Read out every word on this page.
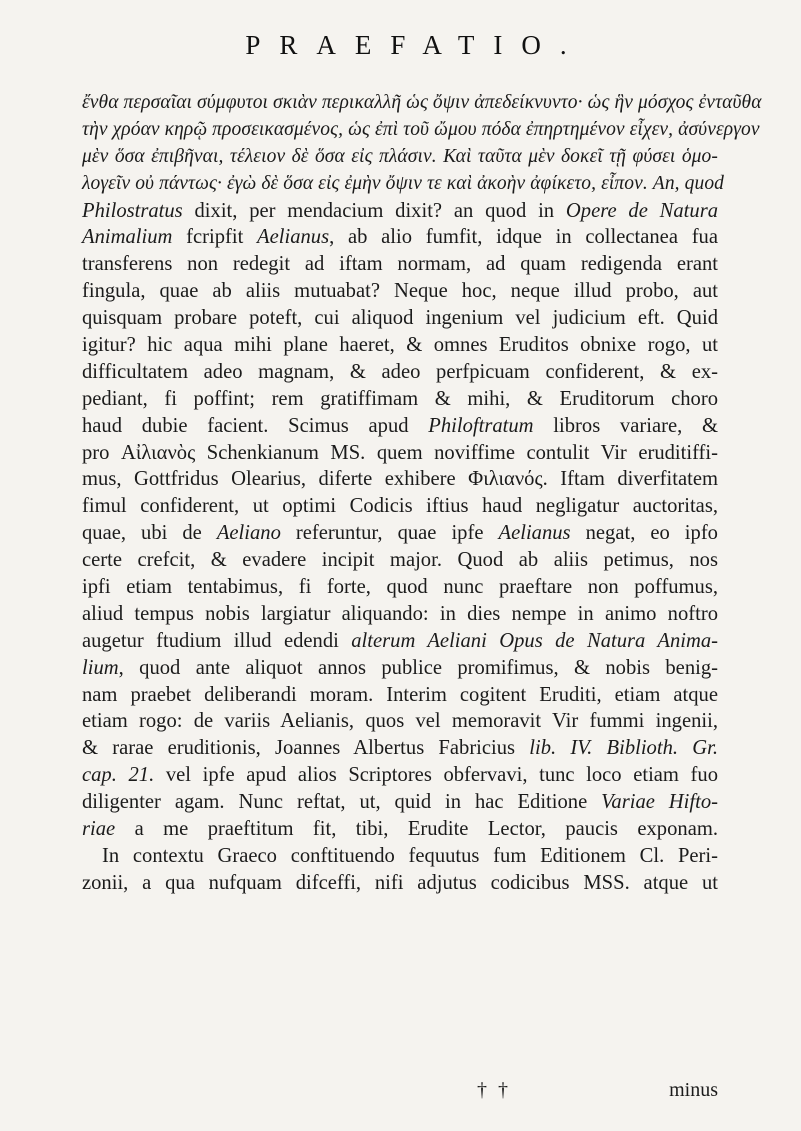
PRAEFATIO.
ἔνθα περσαῖαι σύμφυτοι σκιὰν περικαλλῆ ὡς ὄψιν ἀπεδείκνυντο· ὡς ἣν μόσχος ἐνταῦθα
τὴν χρόαν κηρῷ προσεικασμένος, ὡς ἐπὶ τοῦ ὤμου πόδα ἐπηρτημένον εἶχεν, ἀσύνεργον
μὲν ὅσα ἐπιβῆναι, τέλειον δὲ ὅσα εἰς πλάσιν. Καὶ ταῦτα μὲν δοκεῖ τῇ φύσει ὁμο-
λογεῖν οὐ πάντως· ἐγὼ δὲ ὅσα εἰς ἐμὴν ὄψιν τε καὶ ἀκοὴν ἀφίκετο, εἶπον. An, quod
Philostratus dixit, per mendacium dixit? an quod in Opere de Natura
Animalium fcripfit Aelianus, ab alio fumfit, idque in collectanea fua
transferens non redegit ad iftam normam, ad quam redigenda erant
fingula, quae ab aliis mutuabat? Neque hoc, neque illud probo, aut
quisquam probare poteft, cui aliquod ingenium vel judicium eft. Quid
igitur? hic aqua mihi plane haeret, & omnes Eruditos obnixe rogo, ut
difficultatem adeo magnam, & adeo perfpicuam confiderent, & ex-
pediant, fi poffint; rem gratiffimam & mihi, & Eruditorum choro
haud dubie facient. Scimus apud Philoftratum libros variare, &
pro Αἰλιανὸς Schenkianum MS. quem noviffime contulit Vir eruditiffi-
mus, Gottfridus Olearius, diferte exhibere Φιλιανός. Iftam diverfitatem
fimul confiderent, ut optimi Codicis iftius haud negligatur auctoritas,
quae, ubi de Aeliano referuntur, quae ipfe Aelianus negat, eo ipfo
certe crefcit, & evadere incipit major. Quod ab aliis petimus, nos
ipfi etiam tentabimus, fi forte, quod nunc praeftare non poffumus,
aliud tempus nobis largiatur aliquando: in dies nempe in animo noftro
augetur ftudium illud edendi alterum Aeliani Opus de Natura Anima-
lium, quod ante aliquot annos publice promifimus, & nobis benig-
nam praebet deliberandi moram. Interim cogitent Eruditi, etiam atque
etiam rogo: de variis Aelianis, quos vel memoravit Vir fummi ingenii,
& rarae eruditionis, Joannes Albertus Fabricius lib. IV. Biblioth. Gr.
cap. 21. vel ipfe apud alios Scriptores obfervavi, tunc loco etiam fuo
diligenter agam. Nunc reftat, ut, quid in hac Editione Variae Hifto-
riae a me praeftitum fit, tibi, Erudite Lector, paucis exponam.
In contextu Graeco conftituendo fequutus fum Editionem Cl. Peri-
zonii, a qua nufquam difceffi, nifi adjutus codicibus MSS. atque ut
† †	minus
